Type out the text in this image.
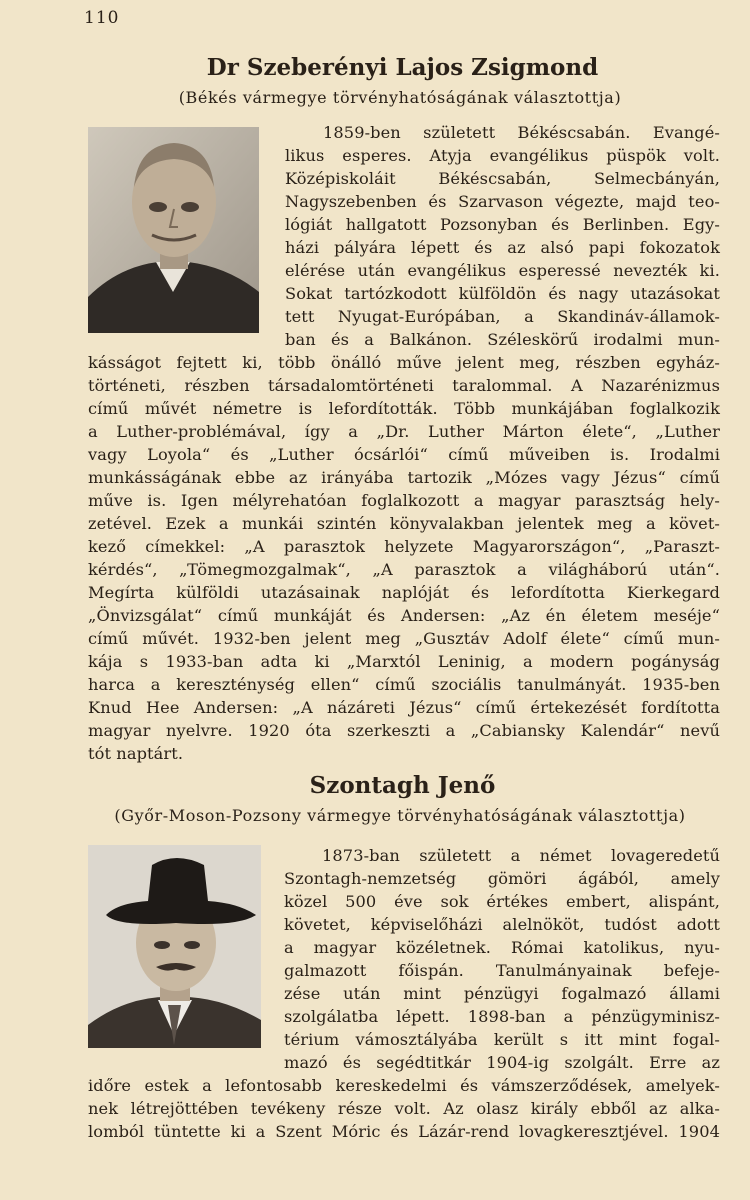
110
Dr Szeberényi Lajos Zsigmond
(Békés vármegye törvényhatóságának választottja)
1859-ben született Békéscsabán. Evangé-
likus esperes. Atyja evangélikus püspök volt.
Középiskoláit Békéscsabán, Selmecbányán,
Nagyszebenben és Szarvason végezte, majd teo-
lógiát hallgatott Pozsonyban és Berlinben. Egy-
házi pályára lépett és az alsó papi fokozatok
elérése után evangélikus esperessé nevezték ki.
Sokat tartózkodott külföldön és nagy utazásokat
tett Nyugat-Európában, a Skandináv-államok-
ban és a Balkánon. Széleskörű irodalmi mun-
kásságot fejtett ki, több önálló műve jelent meg, részben egyház-
történeti, részben társadalomtörténeti taralommal. A Nazarénizmus
című művét németre is lefordították. Több munkájában foglalkozik
a Luther-problémával, így a „Dr. Luther Márton élete“, „Luther
vagy Loyola“ és „Luther ócsárlói“ című műveiben is. Irodalmi
munkásságának ebbe az irányába tartozik „Mózes vagy Jézus“ című
műve is. Igen mélyrehatóan foglalkozott a magyar parasztság hely-
zetével. Ezek a munkái szintén könyvalakban jelentek meg a követ-
kező címekkel: „A parasztok helyzete Magyarországon“, „Paraszt-
kérdés“, „Tömegmozgalmak“, „A parasztok a világháború után“.
Megírta külföldi utazásainak naplóját és lefordította Kierkegard
„Önvizsgálat“ című munkáját és Andersen: „Az én életem meséje“
című művét. 1932-ben jelent meg „Gusztáv Adolf élete“ című mun-
kája s 1933-ban adta ki „Marxtól Leninig, a modern pogányság
harca a kereszténység ellen“ című szociális tanulmányát. 1935-ben
Knud Hee Andersen: „A názáreti Jézus“ című értekezését fordította
magyar nyelvre. 1920 óta szerkeszti a „Cabiansky Kalendár“ nevű
tót naptárt.
Szontagh Jenő
(Győr-Moson-Pozsony vármegye törvényhatóságának választottja)
1873-ban született a német lovageredetű
Szontagh-nemzetség gömöri ágából, amely
közel 500 éve sok értékes embert, alispánt,
követet, képviselőházi alelnököt, tudóst adott
a magyar közéletnek. Római katolikus, nyu-
galmazott főispán. Tanulmányainak befeje-
zése után mint pénzügyi fogalmazó állami
szolgálatba lépett. 1898-ban a pénzügyminisz-
térium vámosztályába került s itt mint fogal-
mazó és segédtitkár 1904-ig szolgált. Erre az
időre estek a lefontosabb kereskedelmi és vámszerződések, amelyek-
nek létrejöttében tevékeny része volt. Az olasz király ebből az alka-
lomból tüntette ki a Szent Móric és Lázár-rend lovagkeresztjével. 1904
